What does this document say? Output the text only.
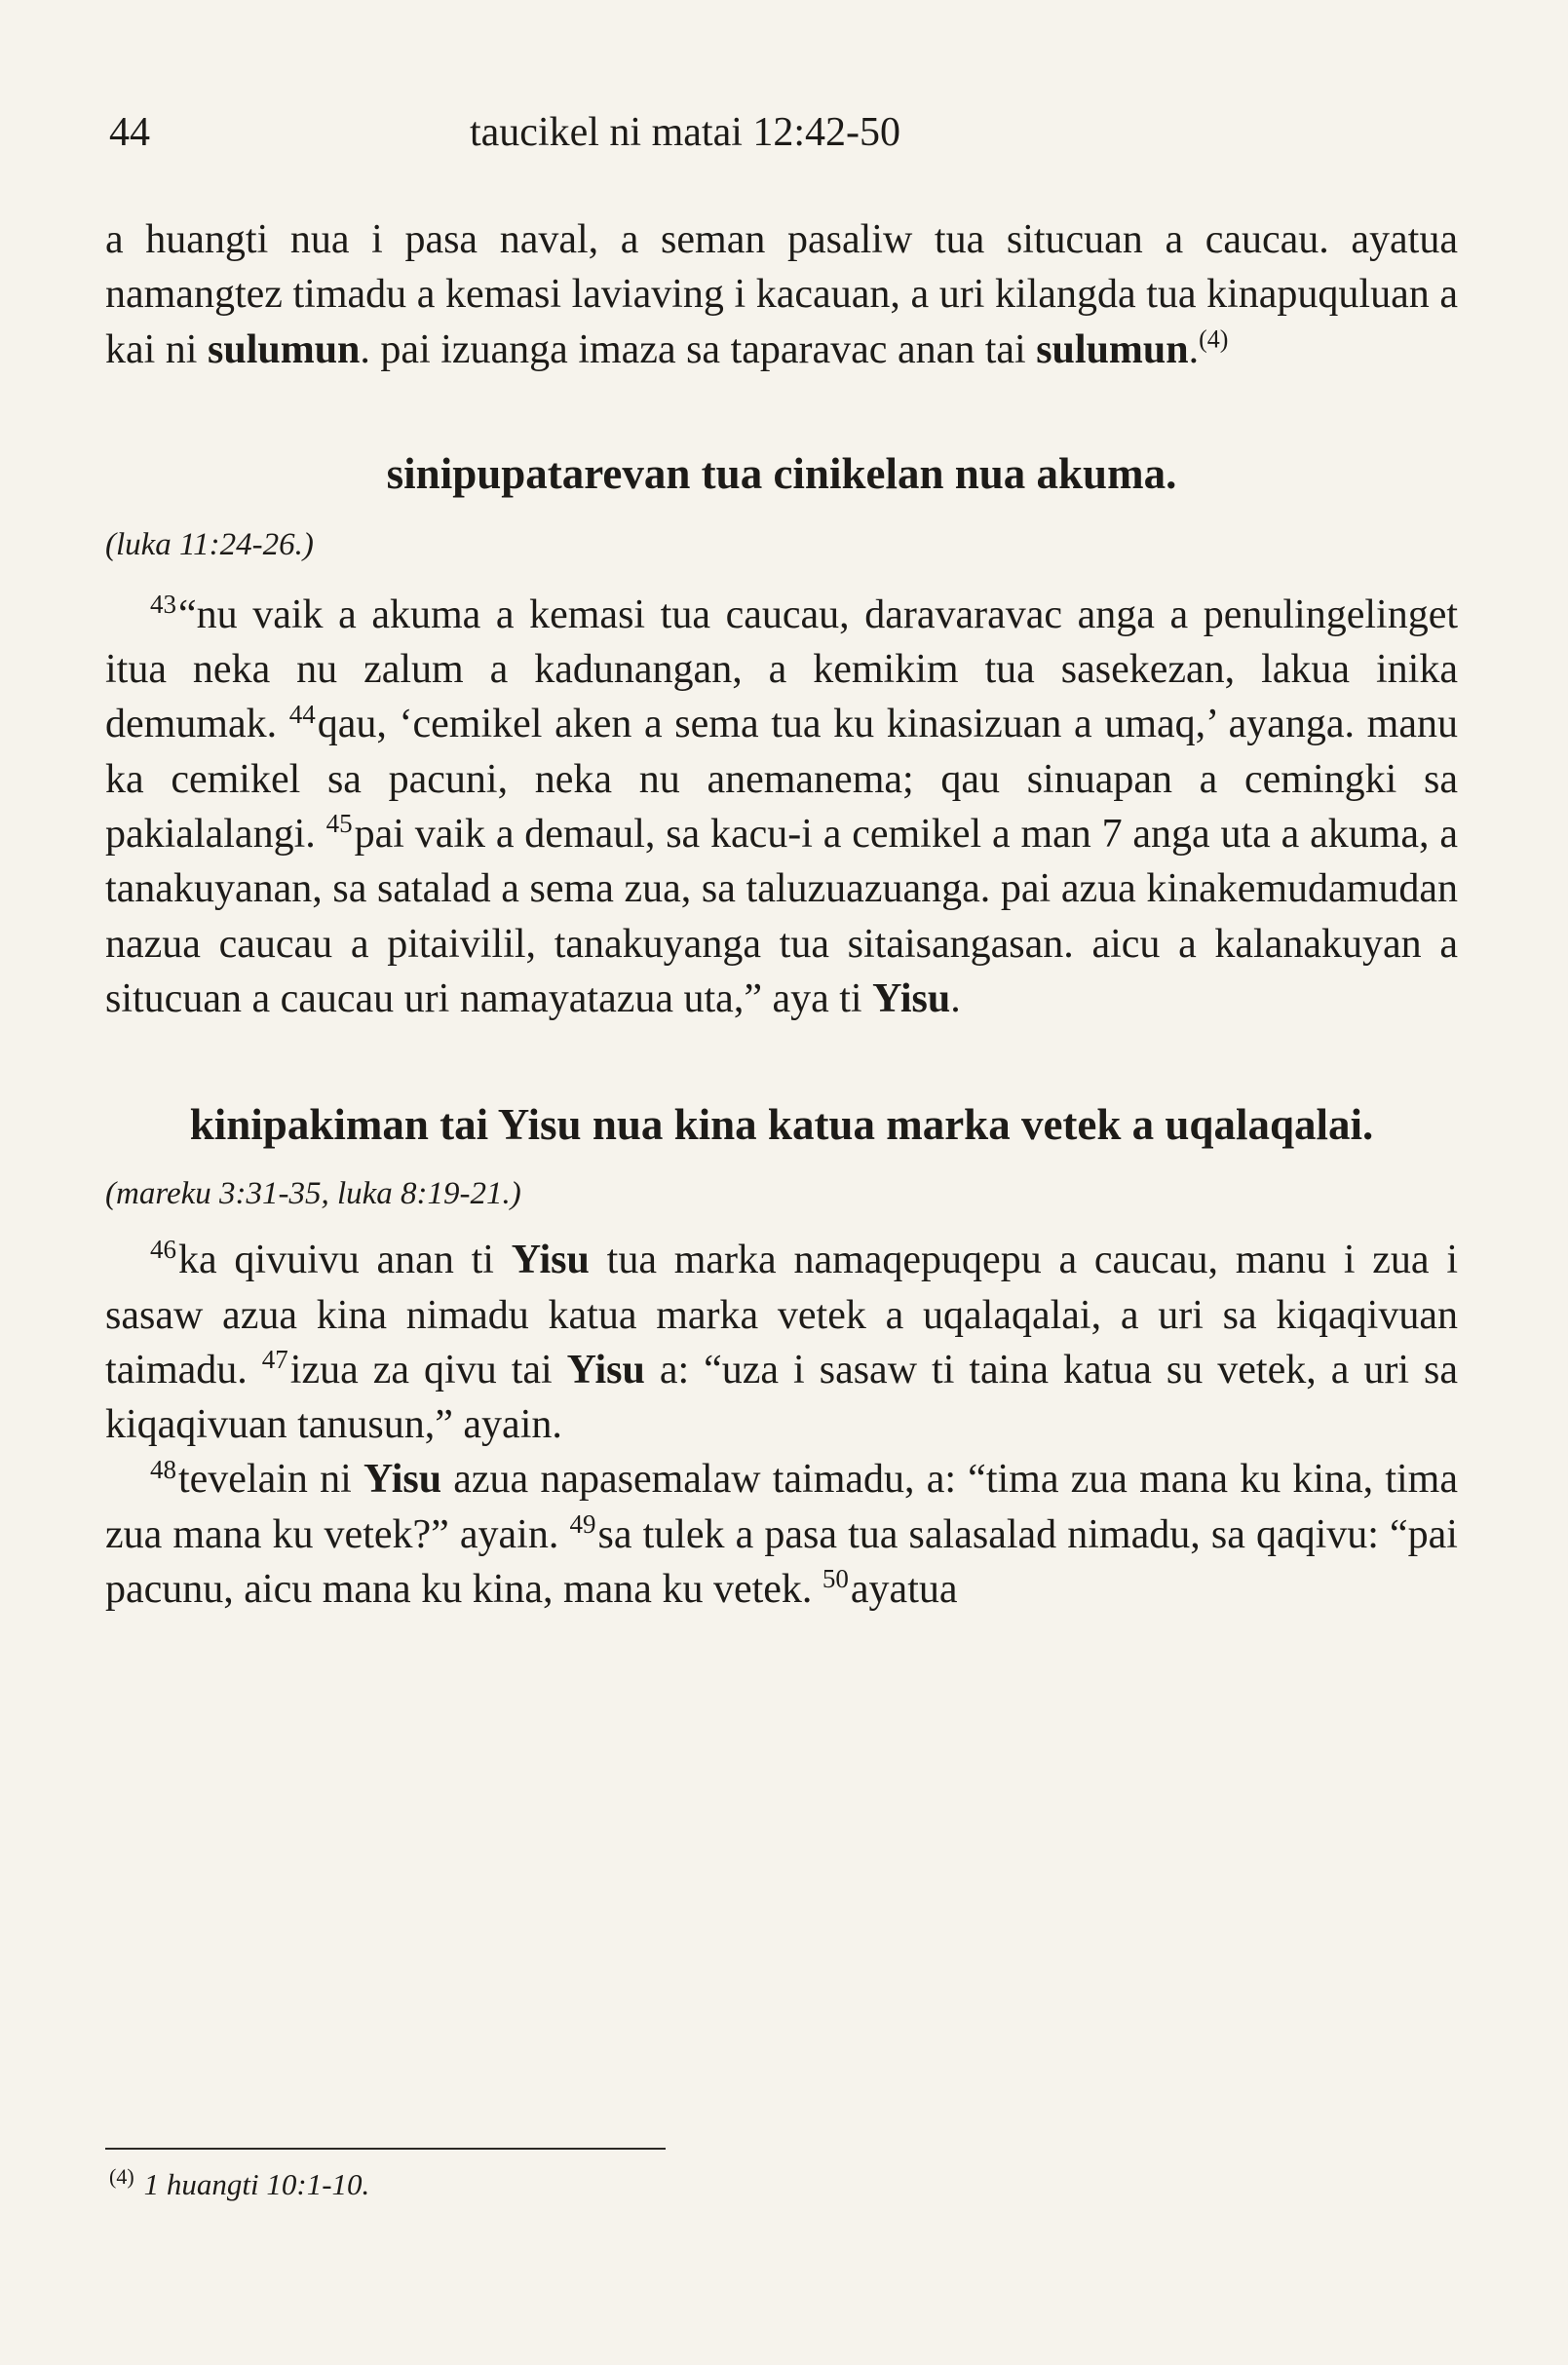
44	taucikel ni matai 12:42-50

a huangti nua i pasa naval, a seman pasaliw tua situcuan a caucau. ayatua namangtez timadu a kemasi laviaving i kacauan, a uri kilangda tua kinapuquluan a kai ni sulumun. pai izuanga imaza sa taparavac anan tai sulumun.$^{(4)}$

sinipupatarevan tua cinikelan nua akuma.

(luka 11:24-26.)

$^{43}$“nu vaik a akuma a kemasi tua caucau, daravaravac anga a penulingelinget itua neka nu zalum a kadunangan, a kemikim tua sasekezan, lakua inika demumak. $^{44}$qau, ‘cemikel aken a sema tua ku kinasizuan a umaq,’ ayanga. manu ka cemikel sa pacuni, neka nu anemanema; qau sinuapan a cemingki sa pakialalangi. $^{45}$pai vaik a demaul, sa kacu-i a cemikel a man 7 anga uta a akuma, a tanakuyanan, sa satalad a sema zua, sa taluzuazuanga. pai azua kinakemudamudan nazua caucau a pitaivilil, tanakuyanga tua sitaisangasan. aicu a kalanakuyan a situcuan a caucau uri namayatazua uta,” aya ti Yisu.

kinipakiman tai Yisu nua kina katua marka vetek a uqalaqalai.

(mareku 3:31-35, luka 8:19-21.)

$^{46}$ka qivuivu anan ti Yisu tua marka namaqepuqepu a caucau, manu i zua i sasaw azua kina nimadu katua marka vetek a uqalaqalai, a uri sa kiqaqivuan taimadu. $^{47}$izua za qivu tai Yisu a: “uza i sasaw ti taina katua su vetek, a uri sa kiqaqivuan tanusun,” ayain.

$^{48}$tevelain ni Yisu azua napasemalaw taimadu, a: “tima zua mana ku kina, tima zua mana ku vetek?” ayain. $^{49}$sa tulek a pasa tua salasalad nimadu, sa qaqivu: “pai pacunu, aicu mana ku kina, mana ku vetek. $^{50}$ayatua

$^{(4)}$ 1 huangti 10:1-10.
